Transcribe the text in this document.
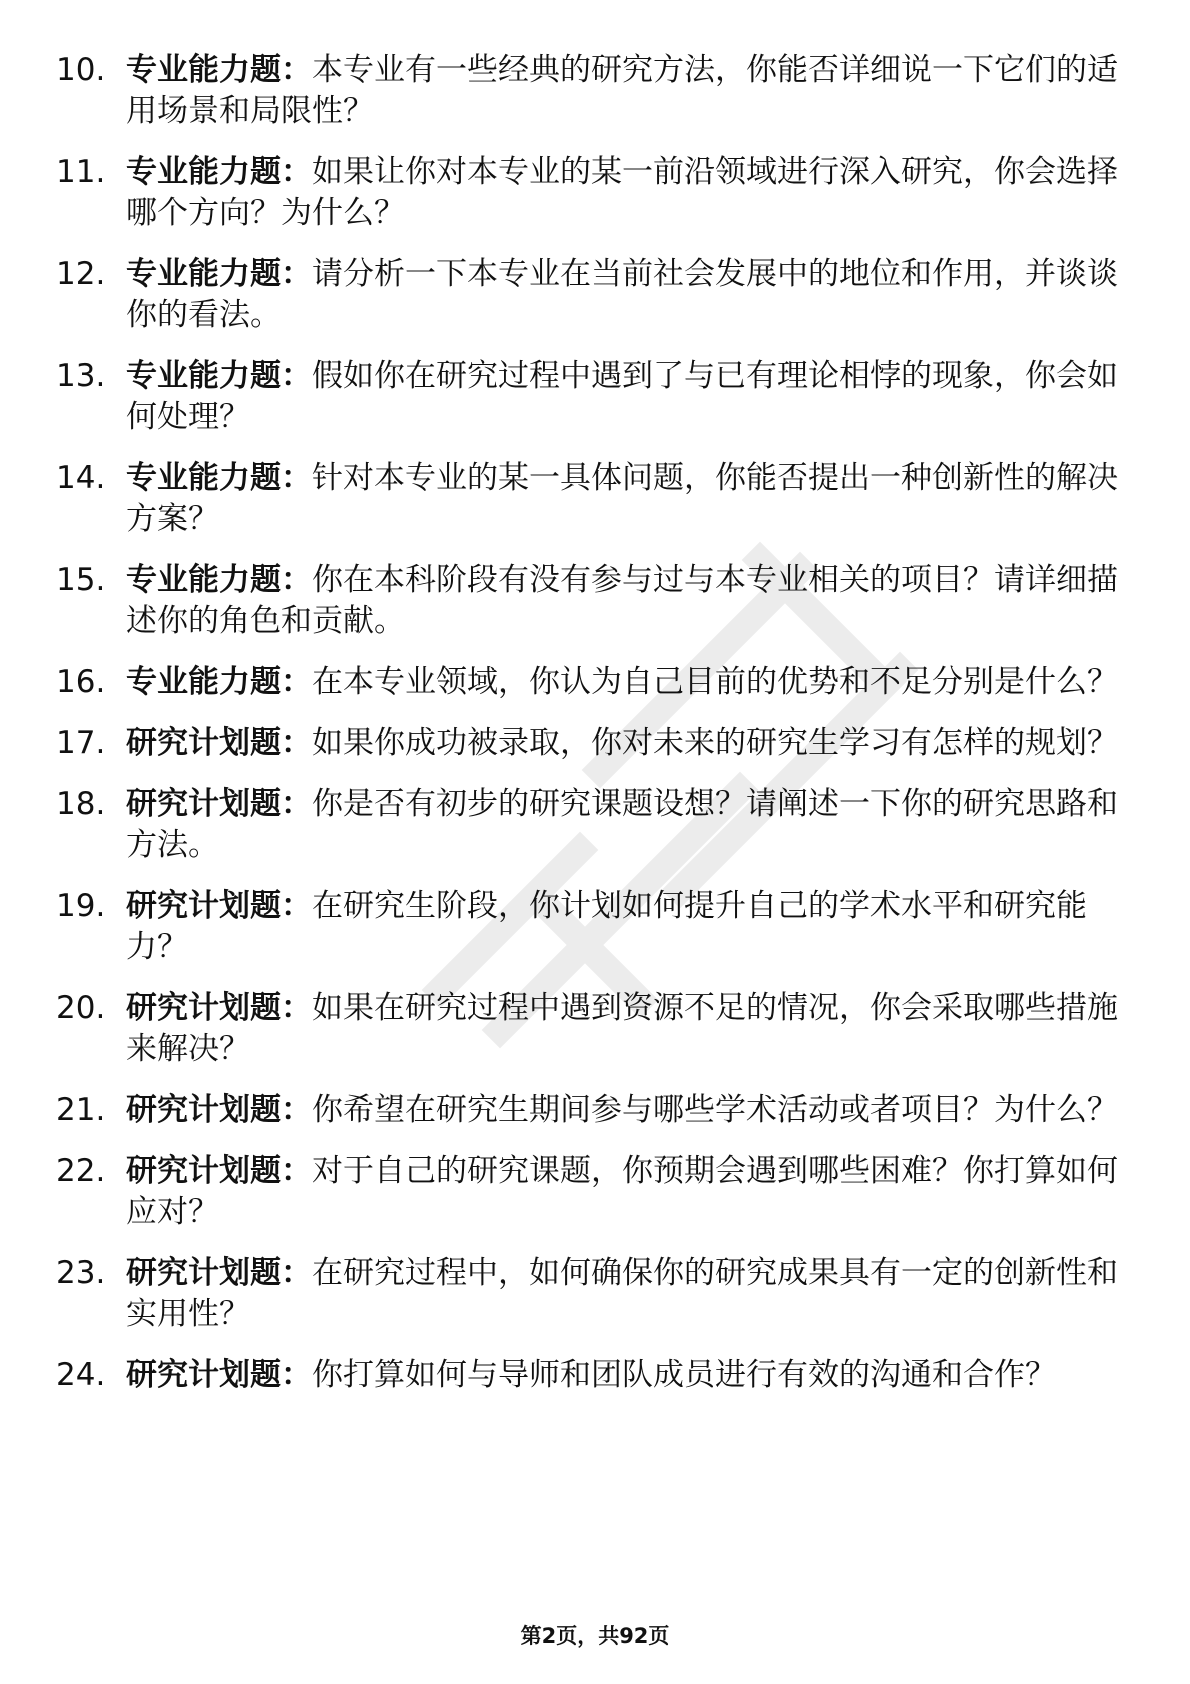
10. 专业能力题：本专业有一些经典的研究方法，你能否详细说一下它们的适用场景和局限性？
11. 专业能力题：如果让你对本专业的某一前沿领域进行深入研究，你会选择哪个方向？为什么？
12. 专业能力题：请分析一下本专业在当前社会发展中的地位和作用，并谈谈你的看法。
13. 专业能力题：假如你在研究过程中遇到了与已有理论相悖的现象，你会如何处理？
14. 专业能力题：针对本专业的某一具体问题，你能否提出一种创新性的解决方案？
15. 专业能力题：你在本科阶段有没有参与过与本专业相关的项目？请详细描述你的角色和贡献。
16. 专业能力题：在本专业领域，你认为自己目前的优势和不足分别是什么？
17. 研究计划题：如果你成功被录取，你对未来的研究生学习有怎样的规划？
18. 研究计划题：你是否有初步的研究课题设想？请阐述一下你的研究思路和方法。
19. 研究计划题：在研究生阶段，你计划如何提升自己的学术水平和研究能力？
20. 研究计划题：如果在研究过程中遇到资源不足的情况，你会采取哪些措施来解决？
21. 研究计划题：你希望在研究生期间参与哪些学术活动或者项目？为什么？
22. 研究计划题：对于自己的研究课题，你预期会遇到哪些困难？你打算如何应对？
23. 研究计划题：在研究过程中，如何确保你的研究成果具有一定的创新性和实用性？
24. 研究计划题：你打算如何与导师和团队成员进行有效的沟通和合作？
第2页，共92页
